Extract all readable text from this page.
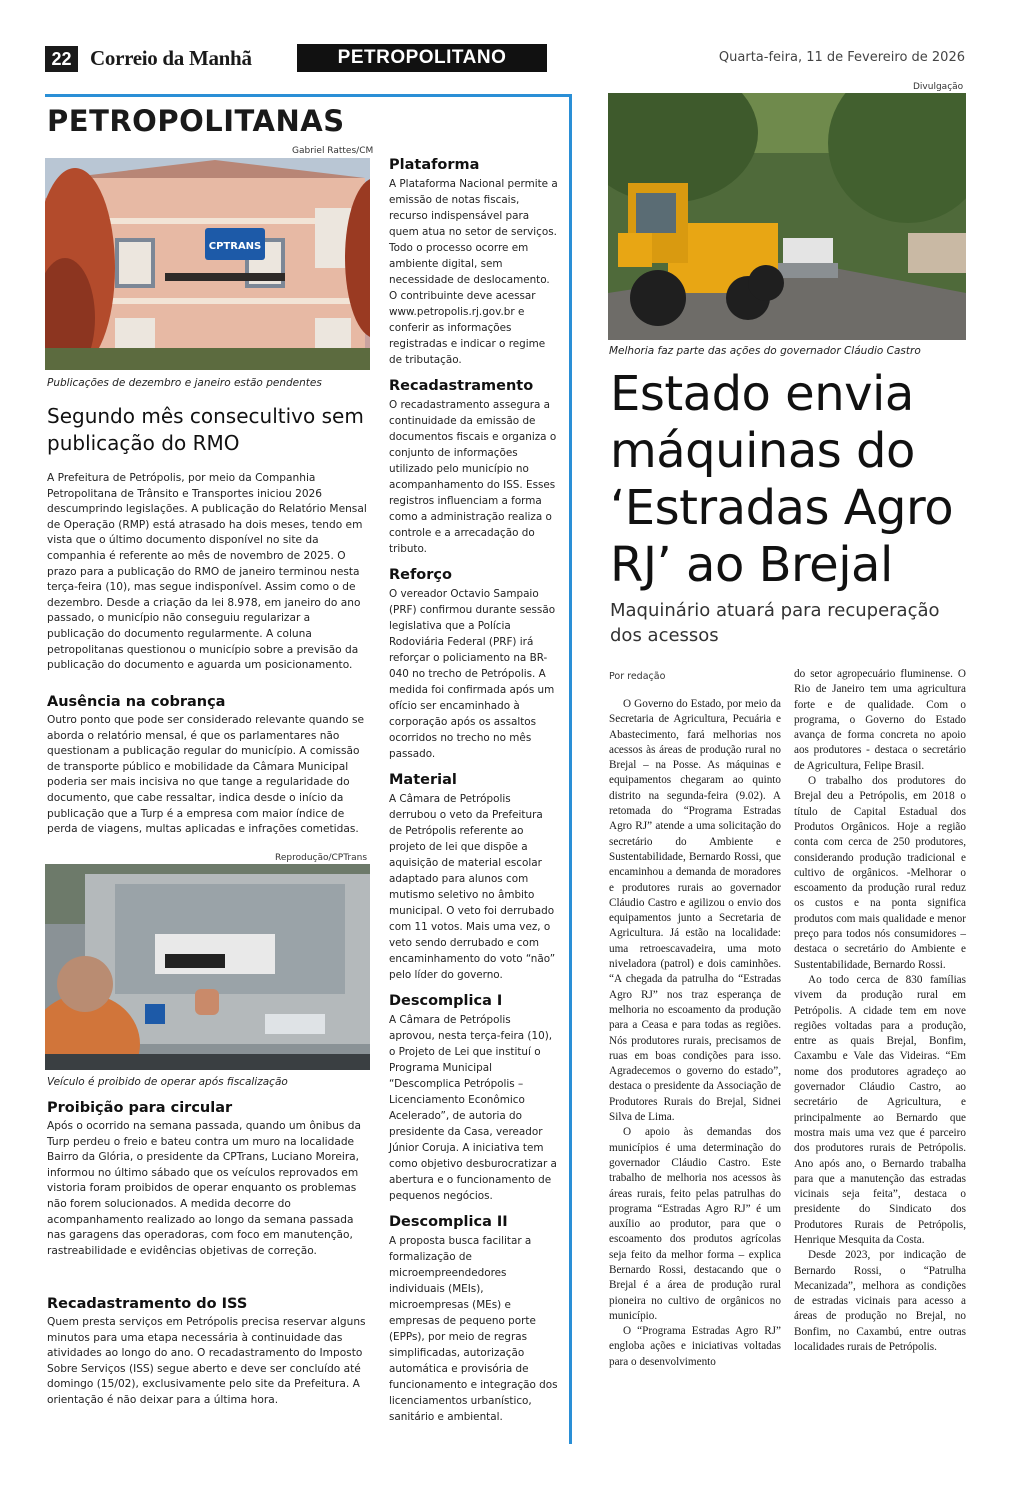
22 Correio da Manhã	PETROPOLITANO	Quarta-feira, 11 de Fevereiro de 2026
PETROPOLITANAS
Gabriel Rattes/CM
CPTRANS
Publicações de dezembro e janeiro estão pendentes
Segundo mês consecultivo sem publicação do RMO
A Prefeitura de Petrópolis, por meio da Companhia Petropolitana de Trânsito e Transportes iniciou 2026 descumprindo legislações. A publicação do Relatório Mensal de Operação (RMP) está atrasado ha dois meses, tendo em vista que o último documento disponível no site da companhia é referente ao mês de novembro de 2025. O prazo para a publicação do RMO de janeiro terminou nesta terça-feira (10), mas segue indisponível. Assim como o de dezembro. Desde a criação da lei 8.978, em janeiro do ano passado, o município não conseguiu regularizar a publicação do documento regularmente. A coluna petropolitanas questionou o município sobre a previsão da publicação do documento e aguarda um posicionamento.
Ausência na cobrança
Outro ponto que pode ser considerado relevante quando se aborda o relatório mensal, é que os parlamentares não questionam a publicação regular do município. A comissão de transporte público e mobilidade da Câmara Municipal poderia ser mais incisiva no que tange a regularidade do documento, que cabe ressaltar, indica desde o início da publicação que a Turp é a empresa com maior índice de perda de viagens, multas aplicadas e infrações cometidas.
Reprodução/CPTrans
Veículo é proibido de operar após fiscalização
Proibição para circular
Após o ocorrido na semana passada, quando um ônibus da Turp perdeu o freio e bateu contra um muro na localidade Bairro da Glória, o presidente da CPTrans, Luciano Moreira, informou no último sábado que os veículos reprovados em vistoria foram proibidos de operar enquanto os problemas não forem solucionados. A medida decorre do acompanhamento realizado ao longo da semana passada nas garagens das operadoras, com foco em manutenção, rastreabilidade e evidências objetivas de correção.
Recadastramento do ISS
Quem presta serviços em Petrópolis precisa reservar alguns minutos para uma etapa necessária à continuidade das atividades ao longo do ano. O recadastramento do Imposto Sobre Serviços (ISS) segue aberto e deve ser concluído até domingo (15/02), exclusivamente pelo site da Prefeitura. A orientação é não deixar para a última hora.
Plataforma
A Plataforma Nacional permite a emissão de notas fiscais, recurso indispensável para quem atua no setor de serviços. Todo o processo ocorre em ambiente digital, sem necessidade de deslocamento. O contribuinte deve acessar www.petropolis.rj.gov.br e conferir as informações registradas e indicar o regime de tributação.
Recadastramento
O recadastramento assegura a continuidade da emissão de documentos fiscais e organiza o conjunto de informações utilizado pelo município no acompanhamento do ISS. Esses registros influenciam a forma como a administração realiza o controle e a arrecadação do tributo.
Reforço
O vereador Octavio Sampaio (PRF) confirmou durante sessão legislativa que a Polícia Rodoviária Federal (PRF) irá reforçar o policiamento na BR-040 no trecho de Petrópolis. A medida foi confirmada após um ofício ser encaminhado à corporação após os assaltos ocorridos no trecho no mês passado.
Material
A Câmara de Petrópolis derrubou o veto da Prefeitura de Petrópolis referente ao projeto de lei que dispõe a aquisição de material escolar adaptado para alunos com mutismo seletivo no âmbito municipal. O veto foi derrubado com 11 votos. Mais uma vez, o veto sendo derrubado e com encaminhamento do voto “não” pelo líder do governo.
Descomplica I
A Câmara de Petrópolis aprovou, nesta terça-feira (10), o Projeto de Lei que instituí o Programa Municipal “Descomplica Petrópolis – Licenciamento Econômico Acelerado”, de autoria do presidente da Casa, vereador Júnior Coruja. A iniciativa tem como objetivo desburocratizar a abertura e o funcionamento de pequenos negócios.
Descomplica II
A proposta busca facilitar a formalização de microempreendedores individuais (MEIs), microempresas (MEs) e empresas de pequeno porte (EPPs), por meio de regras simplificadas, autorização automática e provisória de funcionamento e integração dos licenciamentos urbanístico, sanitário e ambiental.
Divulgação
Melhoria faz parte das ações do governador Cláudio Castro
Estado envia máquinas do ‘Estradas Agro RJ’ ao Brejal
Maquinário atuará para recuperação dos acessos
Por redação

O Governo do Estado, por meio da Secretaria de Agricultura, Pecuária e Abastecimento, fará melhorias nos acessos às áreas de produção rural no Brejal – na Posse. As máquinas e equipamentos chegaram ao quinto distrito na segunda-feira (9.02). A retomada do “Programa Estradas Agro RJ” atende a uma solicitação do secretário do Ambiente e Sustentabilidade, Bernardo Rossi, que encaminhou a demanda de moradores e produtores rurais ao governador Cláudio Castro e agilizou o envio dos equipamentos junto a Secretaria de Agricultura. Já estão na localidade: uma retroescavadeira, uma moto niveladora (patrol) e dois caminhões. “A chegada da patrulha do “Estradas Agro RJ” nos traz esperança de melhoria no escoamento da produção para a Ceasa e para todas as regiões. Nós produtores rurais, precisamos de ruas em boas condições para isso. Agradecemos o governo do estado”, destaca o presidente da Associação de Produtores Rurais do Brejal, Sidnei Silva de Lima.

O apoio às demandas dos municípios é uma determinação do governador Cláudio Castro. Este trabalho de melhoria nos acessos às áreas rurais, feito pelas patrulhas do programa “Estradas Agro RJ” é um auxílio ao produtor, para que o escoamento dos produtos agrícolas seja feito da melhor forma – explica Bernardo Rossi, destacando que o Brejal é a área de produção rural pioneira no cultivo de orgânicos no município.

O “Programa Estradas Agro RJ” engloba ações e iniciativas voltadas para o desenvolvimento

do setor agropecuário fluminense. O Rio de Janeiro tem uma agricultura forte e de qualidade. Com o programa, o Governo do Estado avança de forma concreta no apoio aos produtores - destaca o secretário de Agricultura, Felipe Brasil.

O trabalho dos produtores do Brejal deu a Petrópolis, em 2018 o título de Capital Estadual dos Produtos Orgânicos. Hoje a região conta com cerca de 250 produtores, considerando produção tradicional e cultivo de orgânicos. -Melhorar o escoamento da produção rural reduz os custos e na ponta significa produtos com mais qualidade e menor preço para todos nós consumidores – destaca o secretário do Ambiente e Sustentabilidade, Bernardo Rossi.

Ao todo cerca de 830 famílias vivem da produção rural em Petrópolis. A cidade tem em nove regiões voltadas para a produção, entre as quais Brejal, Bonfim, Caxambu e Vale das Videiras. “Em nome dos produtores agradeço ao governador Cláudio Castro, ao secretário de Agricultura, e principalmente ao Bernardo que mostra mais uma vez que é parceiro dos produtores rurais de Petrópolis. Ano após ano, o Bernardo trabalha para que a manutenção das estradas vicinais seja feita”, destaca o presidente do Sindicato dos Produtores Rurais de Petrópolis, Henrique Mesquita da Costa.

Desde 2023, por indicação de Bernardo Rossi, o “Patrulha Mecanizada”, melhora as condições de estradas vicinais para acesso a áreas de produção no Brejal, no Bonfim, no Caxambú, entre outras localidades rurais de Petrópolis.
